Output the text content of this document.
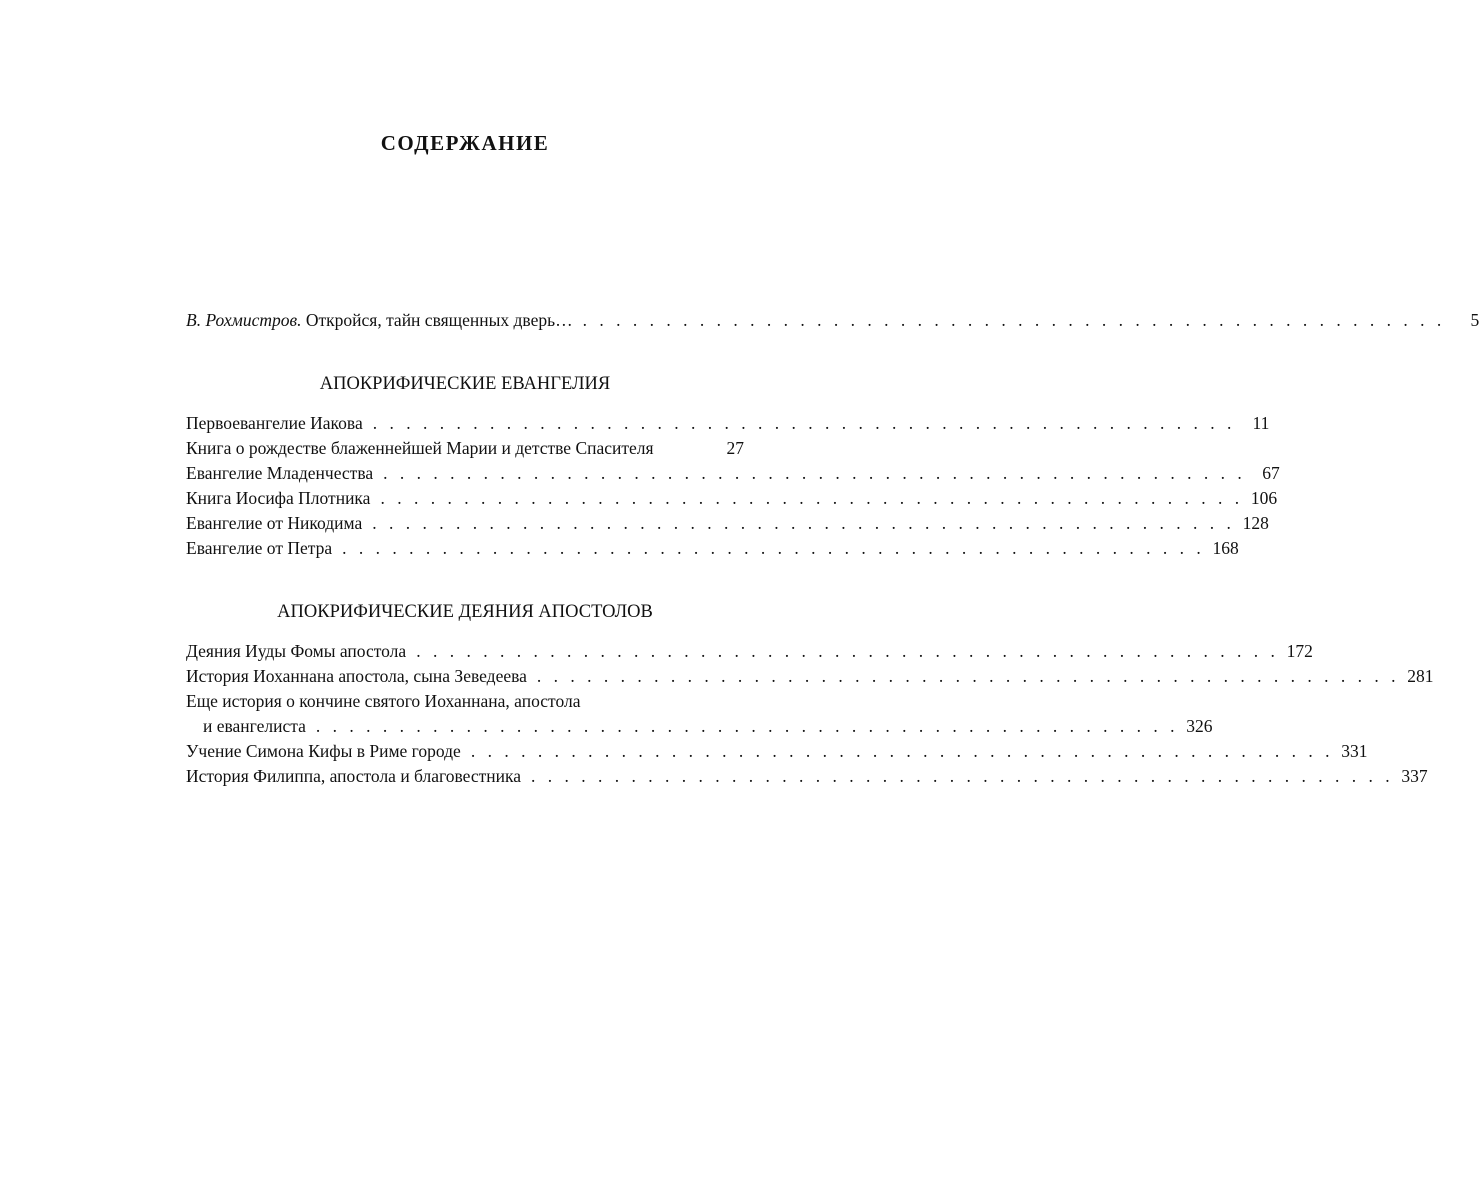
СОДЕРЖАНИЕ
В. Рохмистров. Откройся, тайн священных дверь… . . . . . . . . . . . . . . . . . . . . . . . . . . . . . . . . . . . . . . . . . . . . . . . . . . . .	5
АПОКРИФИЧЕСКИЕ ЕВАНГЕЛИЯ
Первоевангелие Иакова . . . . . . . . . . . . . . . . . . . . . . . . . . . . . . . . . . . . . . . . . . . . . . . . . . . . 11
Книга о рождестве блаженнейшей Марии и детстве Спасителя	27
Евангелие Младенчества . . . . . . . . . . . . . . . . . . . . . . . . . . . . . . . . . . . . . . . . . . . . . . . . . . . . 67
Книга Иосифа Плотника . . . . . . . . . . . . . . . . . . . . . . . . . . . . . . . . . . . . . . . . . . . . . . . . . . . . 106
Евангелие от Никодима . . . . . . . . . . . . . . . . . . . . . . . . . . . . . . . . . . . . . . . . . . . . . . . . . . . . 128
Евангелие от Петра . . . . . . . . . . . . . . . . . . . . . . . . . . . . . . . . . . . . . . . . . . . . . . . . . . . . 168
АПОКРИФИЧЕСКИЕ ДЕЯНИЯ АПОСТОЛОВ
Деяния Иуды Фомы апостола . . . . . . . . . . . . . . . . . . . . . . . . . . . . . . . . . . . . . . . . . . . . . . . . . . . . 172
История Иоханнана апостола, сына Зеведеева . . . . . . . . . . . . . . . . . . . . . . . . . . . . . . . . . . . . . . . . . . . . . . . . . . . . 281
Еще история о кончине святого Иоханнана, апостола
и евангелиста . . . . . . . . . . . . . . . . . . . . . . . . . . . . . . . . . . . . . . . . . . . . . . . . . . . . 326
Учение Симона Кифы в Риме городе . . . . . . . . . . . . . . . . . . . . . . . . . . . . . . . . . . . . . . . . . . . . . . . . . . . . 331
История Филиппа, апостола и благовестника . . . . . . . . . . . . . . . . . . . . . . . . . . . . . . . . . . . . . . . . . . . . . . . . . . . . 337
